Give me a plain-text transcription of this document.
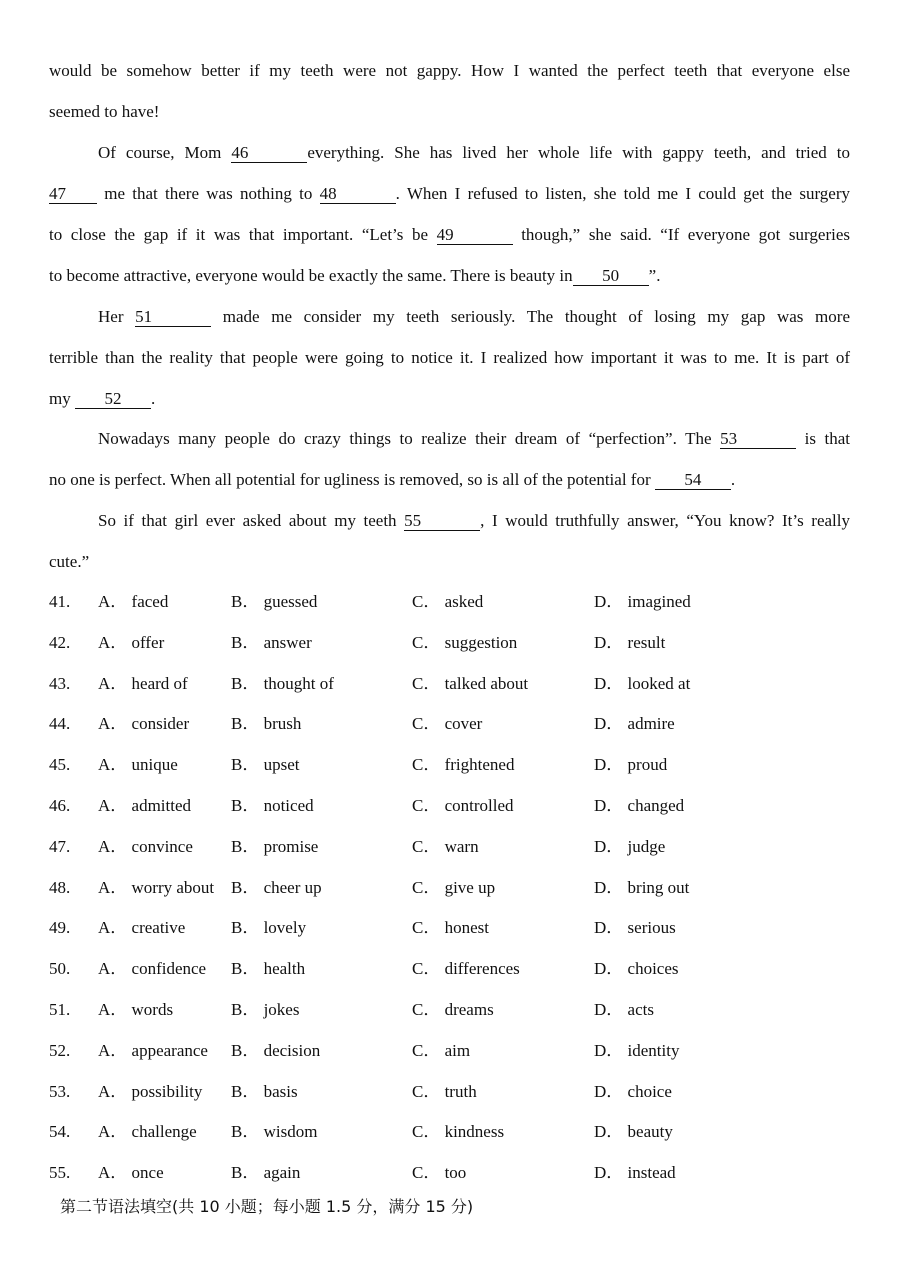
would be somehow better if my teeth were not gappy. How I wanted the perfect teeth that everyone else
seemed to have!
Of course, Mom 46	everything. She has lived her whole life with gappy teeth, and tried to
47 me that there was nothing to 48	. When I refused to listen, she told me I could get the surgery
to close the gap if it was that important. “Let’s be 49	though,” she said. “If everyone got surgeries
to become attractive, everyone would be exactly the same. There is beauty in 50 ”.
Her 51	made me consider my teeth seriously. The thought of losing my gap was more
terrible than the reality that people were going to notice it. I realized how important it was to me. It is part of
my 52 .
Nowadays many people do crazy things to realize their dream of “perfection”. The 53	is that
no one is perfect. When all potential for ugliness is removed, so is all of the potential for 54 .
So if that girl ever asked about my teeth 55	, I would truthfully answer, “You know? It’s really
cute.”
41. A． faced	B． guessed	C． asked	D． imagined
42. A． offer	B． answer	C． suggestion	D． result
43. A． heard of	B． thought of	C． talked about	D． looked at
44. A． consider B． brush	C． cover	D． admire
45. A． unique	B． upset	C． frightened	D． proud
46. A． admitted B． noticed	C． controlled	D． changed
47. A． convince B． promise	C． warn	D． judge
48. A． worry about B． cheer up	C． give up	D． bring out
49. A． creative	B． lovely	C． honest	D． serious
50. A． confidence B． health	C． differences	D． choices
51. A． words	B． jokes	C． dreams	D． acts
52. A． appearance B． decision	C． aim	D． identity
53. A． possibility B． basis	C． truth	D． choice
54. A． challenge B． wisdom	C． kindness	D． beauty
55. A． once	B． again	C． too	D． instead
第二节语法填空(共 10 小题；每小题 1.5 分，满分 15 分)
